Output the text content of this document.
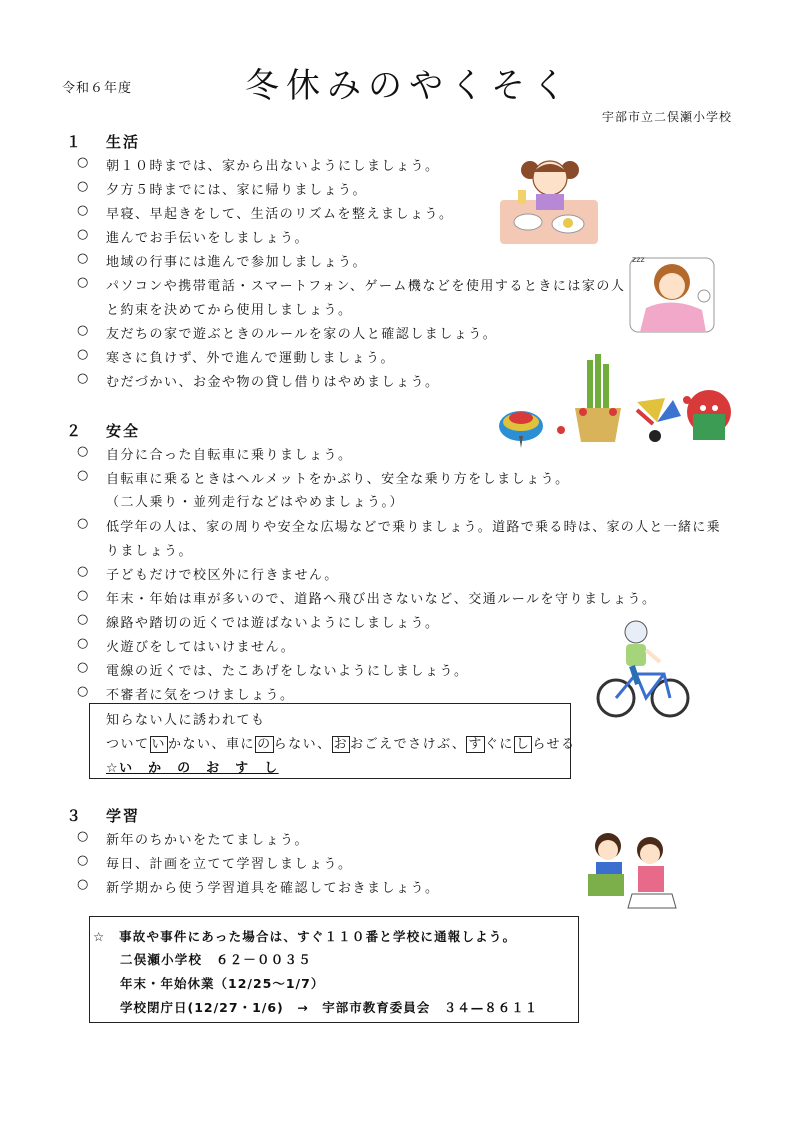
令和６年度	冬休みのやくそく
宇部市立二俣瀬小学校
１ 生活
○ 朝１０時までは、家から出ないようにしましょう。
○ 夕方５時までには、家に帰りましょう。
○ 早寝、早起きをして、生活のリズムを整えましょう。
○ 進んでお手伝いをしましょう。
○ 地域の行事には進んで参加しましょう。
○ パソコンや携帯電話・スマートフォン、ゲーム機などを使用するときには家の人
と約束を決めてから使用しましょう。
○ 友だちの家で遊ぶときのルールを家の人と確認しましょう。
○ 寒さに負けず、外で進んで運動しましょう。
○ むだづかい、お金や物の貸し借りはやめましょう。
２ 安全
○ 自分に合った自転車に乗りましょう。
○ 自転車に乗るときはヘルメットをかぶり、安全な乗り方をしましょう。
（二人乗り・並列走行などはやめましょう。）
○ 低学年の人は、家の周りや安全な広場などで乗りましょう。道路で乗る時は、家の人と一緒に乗
りましょう。
○ 子どもだけで校区外に行きません。
○ 年末・年始は車が多いので、道路へ飛び出さないなど、交通ルールを守りましょう。
○ 線路や踏切の近くでは遊ばないようにしましょう。
○ 火遊びをしてはいけません。
○ 電線の近くでは、たこあげをしないようにしましょう。
○ 不審者に気をつけましょう。
知らない人に誘われても
ついて い かない、車に の らない、 お おごえでさけぶ、 す ぐに し らせる
☆い　か　の　お　す　し
３ 学習
○ 新年のちかいをたてましょう。
○ 毎日、計画を立てて学習しましょう。
○ 新学期から使う学習道具を確認しておきましょう。
☆　事故や事件にあった場合は、すぐ１１０番と学校に通報しよう。
二俣瀬小学校　６２－００３５
年末・年始休業（12/25～1/7）
学校閉庁日(12/27・1/6)　→　宇部市教育委員会　３４—８６１１
zzz
